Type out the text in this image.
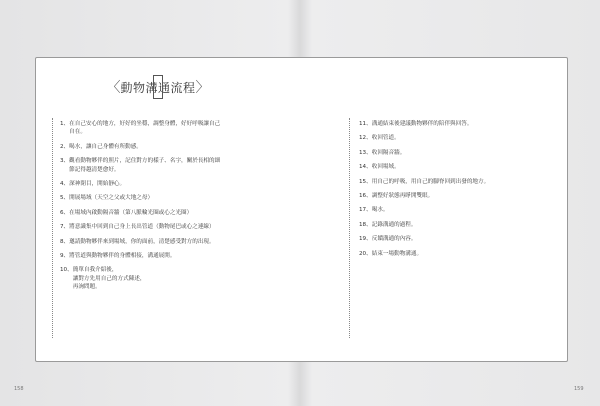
〈 動物溝通流程 〉
1、 在自己安心的地方，好好的坐穩，調整身體，好好呼吸讓自己
自在。
2、 喝水，讓自己身體有所動感。
3、 觀看動物夥伴的照片，記住對方的樣子、名字，關於長相的細
節記得越清楚愈好。
4、 深神閉目，開始靜心。
5、 開展場域（天空之父或大地之母）
6、 在場域內啟動隔音牆（第八脈輪光圈或心之光圈）
7、 將意識集中回到自己身上長出管道（動物尾巴或心之連線）
8、 邀請動物夥伴來到場域，你的面前，清楚感受對方的出現。
9、 將管道與動物夥伴的身體相接，溝通展開。
10、 簡單自我介紹後，
讓對方先用自己的方式陳述，
再詢問題。
11、 溝通結束後建議動物夥伴的陪伴與回答。
12、 收回管道。
13、 收回隔音牆。
14、 收回場域。
15、 用自己的呼吸，用自己的腳脊回到出發的地方。
16、 調整好狀態再睜開雙眼。
17、 喝水。
18、 記錄溝通的過程。
19、 反饋溝通的內容。
20、 結束一場動物溝通。
158	159
